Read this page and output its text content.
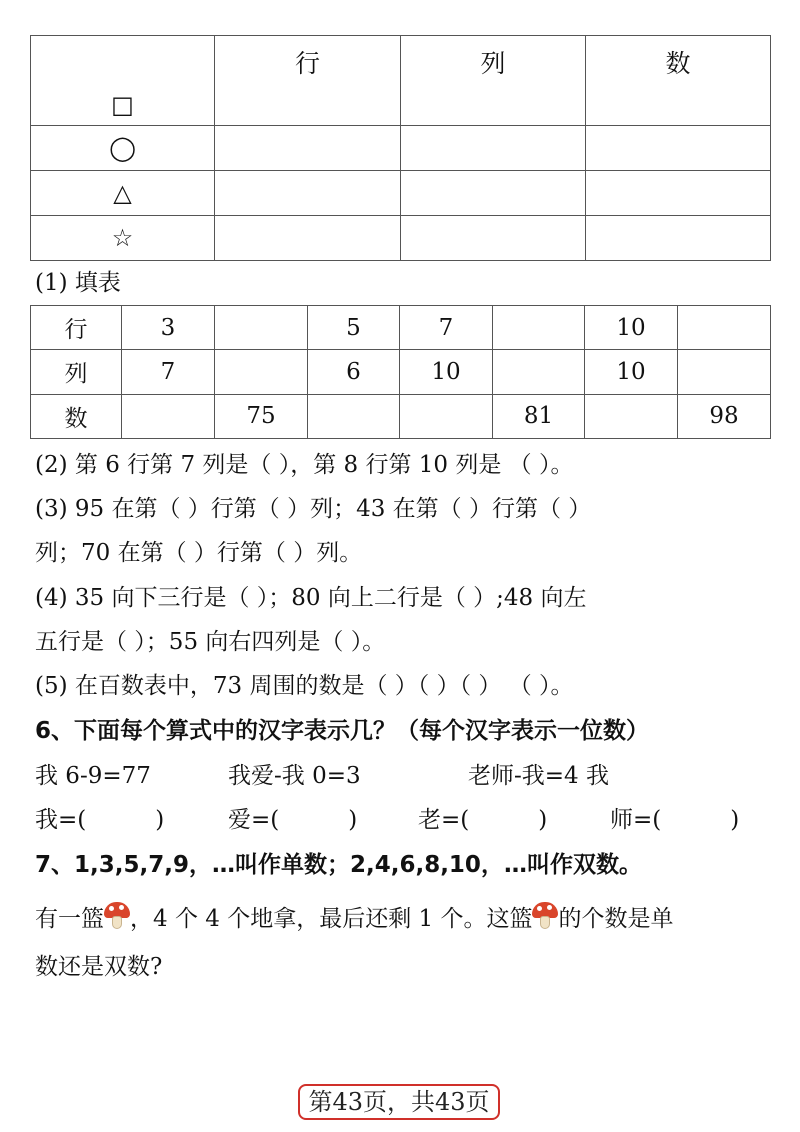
□	行	列	数
◯			
△			
☆			
(1) 填表
行	3		5	7		10	
列	7		6	10		10	
数		75			81		98
(2) 第 6 行第 7 列是（ ），第 8 行第 10 列是 （ ）。
(3) 95 在第（ ）行第（ ）列；43 在第（ ）行第（ ）
列；70 在第（ ）行第（ ）列。
(4) 35 向下三行是（ ）；80 向上二行是（ ）;48 向左
五行是（ ）；55 向右四列是（ ）。
(5) 在百数表中，73 周围的数是（ ）（ ）（ ） （ ）。
6、下面每个算式中的汉字表示几？（每个汉字表示一位数）
我 6-9=77	我爱-我 0=3	老师-我=4 我
我=(　　　)	爱=(　　　)	老=(　　　)	师=(　　　)
7、1,3,5,7,9，…叫作单数；2,4,6,8,10，…叫作双数。
有一篮 ，4 个 4 个地拿，最后还剩 1 个。这篮 的个数是单
数还是双数?
第43页，共43页
